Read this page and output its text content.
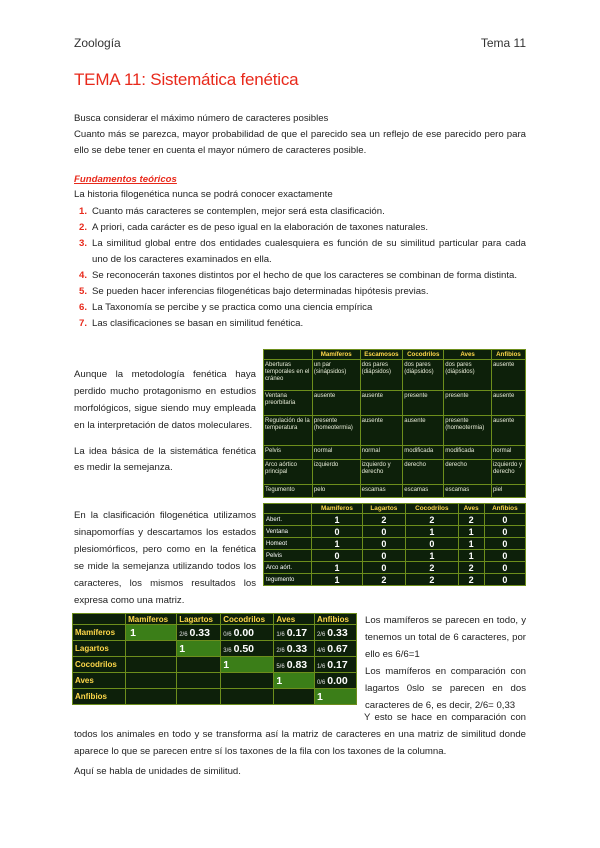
Zoología	Tema 11
TEMA 11: Sistemática fenética
Busca considerar el máximo número de caracteres posibles
Cuanto más se parezca, mayor probabilidad de que el parecido sea un reflejo de ese parecido pero para ello se debe tener en cuenta el mayor número de caracteres posible.
Fundamentos teóricos
La historia filogenética nunca se podrá conocer exactamente
1. Cuanto más caracteres se contemplen, mejor será esta clasificación.
2. A priori, cada carácter es de peso igual en la elaboración de taxones naturales.
3. La similitud global entre dos entidades cualesquiera es función de su similitud particular para cada uno de los caracteres examinados en ella.
4. Se reconocerán taxones distintos por el hecho de que los caracteres se combinan de forma distinta.
5. Se pueden hacer inferencias filogenéticas bajo determinadas hipótesis previas.
6. La Taxonomía se percibe y se practica como una ciencia empírica
7. Las clasificaciones se basan en similitud fenética.
Aunque la metodología fenética haya perdido mucho protagonismo en estudios morfológicos, sigue siendo muy empleada en la interpretación de datos moleculares.
La idea básica de la sistemática fenética es medir la semejanza.
	Mamíferos	Escamosos	Cocodrilos	Aves	Anfibios
Aberturas temporales en el cráneo	un par (sinápsidos)	dos pares (diápsidos)	dos pares (diápsidos)	dos pares (diápsidos)	ausente
Ventana preorbitaria	ausente	ausente	presente	presente	ausente
Regulación de la temperatura	presente (homeotermia)	ausente	ausente	presente (homeotermia)	ausente
Pelvis	normal	normal	modificada	modificada	normal
Arco aórtico principal	izquierdo	izquierdo y derecho	derecho	derecho	izquierdo y derecho
Tegumento	pelo	escamas	escamas	escamas	piel
En la clasificación filogenética utilizamos sinapomorfías y descartamos los estados plesiomórficos, pero como en la fenética se mide la semejanza utilizando todos los caracteres, los mismos resultados los expresa como una matriz.
	Mamíferos	Lagartos	Cocodrilos	Aves	Anfibios
Abert.	1	2	2	2	0
Ventana	0	0	1	1	0
Homeot	1	0	0	1	0
Pelvis	0	0	1	1	0
Arco aórt.	1	0	2	2	0
tegumento	1	2	2	2	0
	Mamíferos	Lagartos	Cocodrilos	Aves	Anfibios
Mamíferos	1	2/6 0.33	0/6 0.00	1/6 0.17	2/6 0.33
Lagartos		1	3/6 0.50	2/6 0.33	4/6 0.67
Cocodrilos			1	5/6 0.83	1/6 0.17
Aves				1	0/6 0.00
Anfibios					1
Los mamíferos se parecen en todo, y tenemos un total de 6 caracteres, por ello es 6/6=1
Los mamíferos en comparación con lagartos 0slo se parecen en dos caracteres de 6, es decir, 2/6= 0,33
Y esto se hace en comparación con todos los animales en todo y se transforma así la matriz de caracteres en una matriz de similitud donde aparece lo que se parecen entre sí los taxones de la fila con los taxones de la columna.
Aquí se habla de unidades de similitud.
